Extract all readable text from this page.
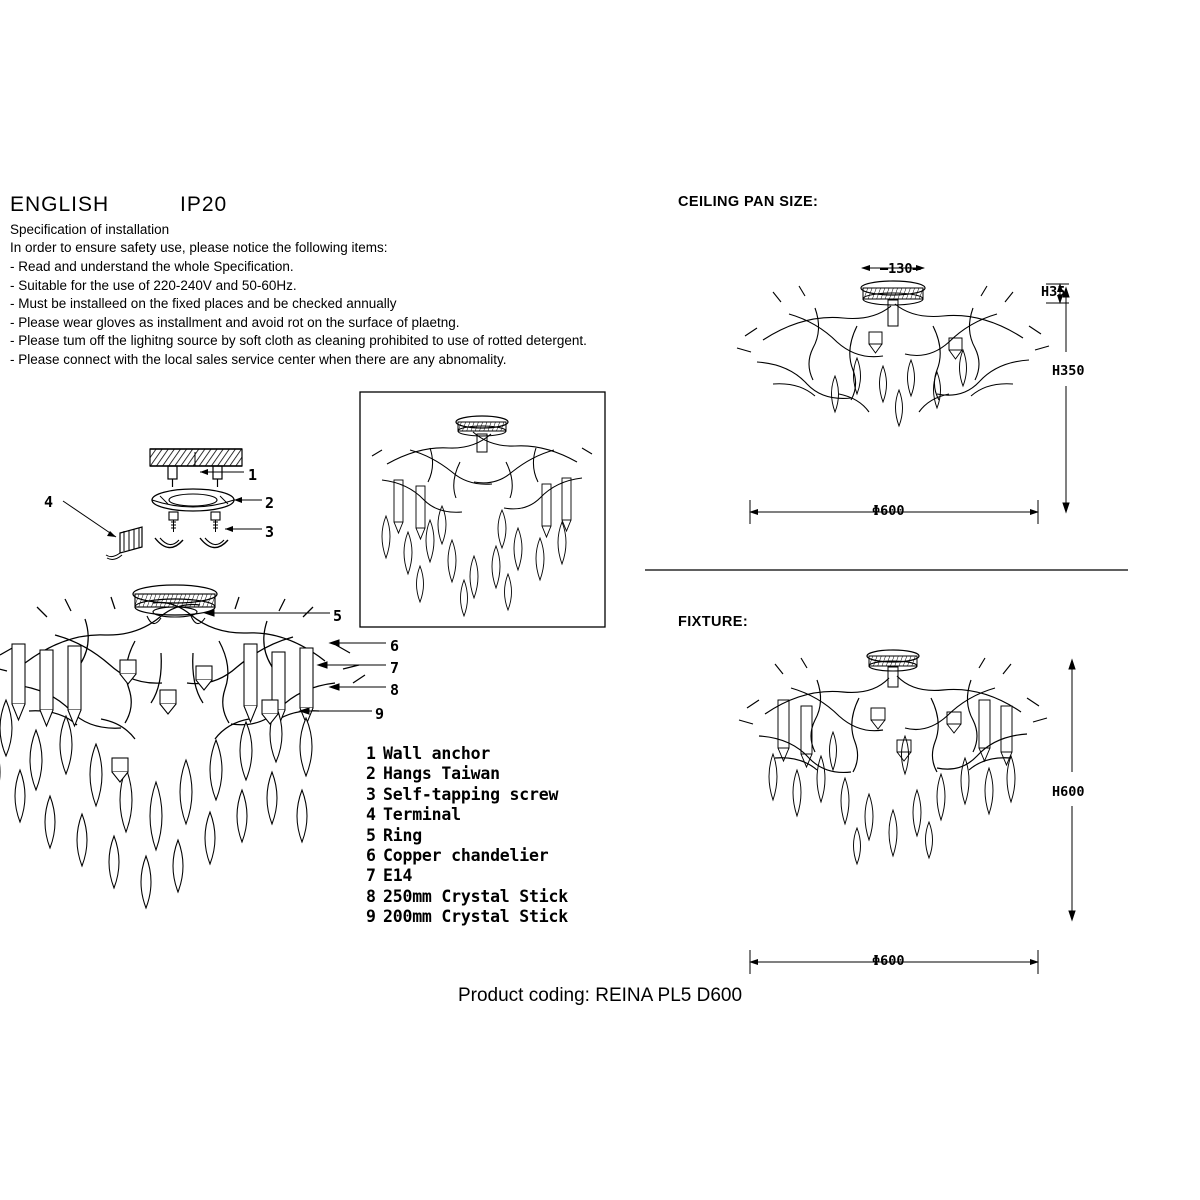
ENGLISH	IP20
Specification of installation
In order to ensure safety use, please notice the following items:
- Read and understand the whole Specification.
- Suitable for the use of 220-240V and 50-60Hz.
- Must be installeed on the fixed places and be checked annually
- Please wear gloves as installment and avoid rot on the surface of plaetng.
- Please tum off the lighitng source by soft cloth as cleaning prohibited to use of rotted detergent.
- Please connect with the local sales service center when there are any abnomality.
CEILING PAN SIZE:
FIXTURE:
—130—
H35
H350
Φ600
H600
Φ600
1
2
3
4
5
6
7
8
9
1 Wall anchor
2 Hangs Taiwan
3 Self-tapping screw
4 Terminal
5 Ring
6 Copper chandelier
7 E14
8 250mm Crystal Stick
9 200mm Crystal Stick
Product coding: REINA PL5 D600
